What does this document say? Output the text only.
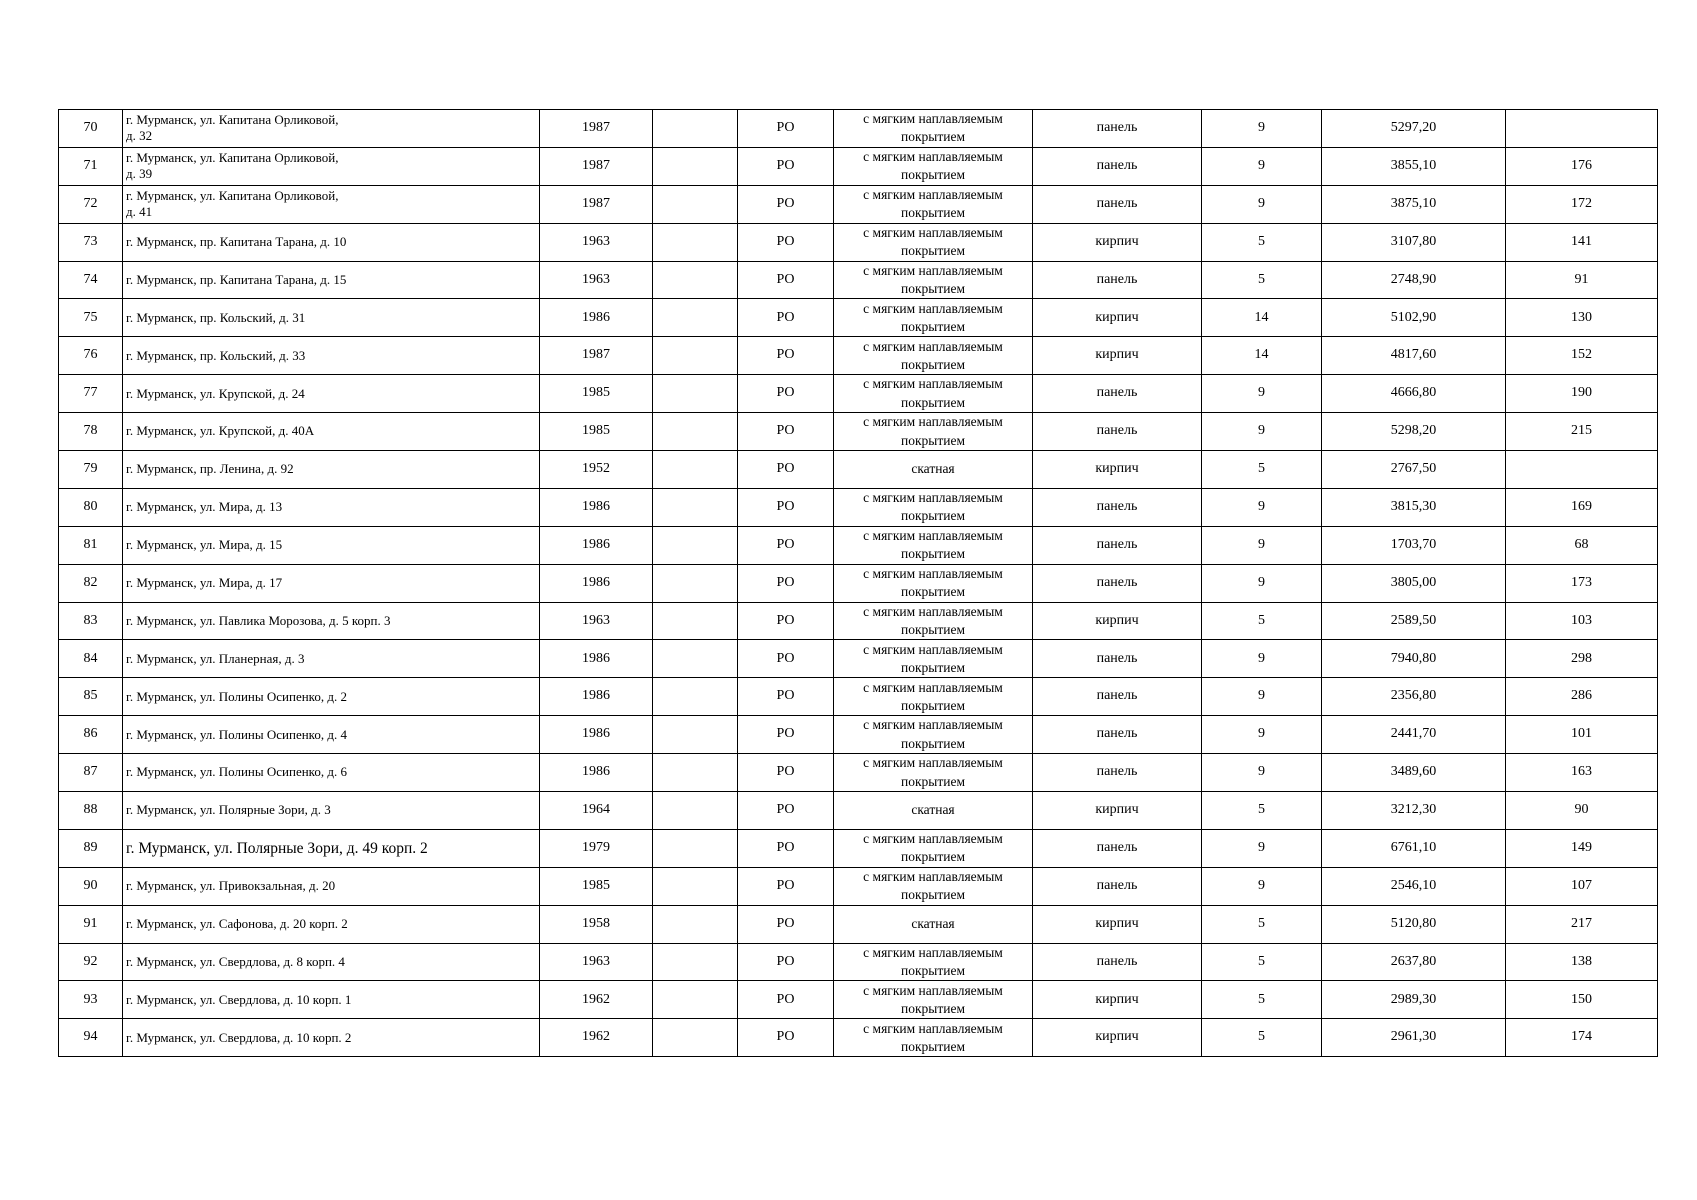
70	г. Мурманск, ул. Капитана Орликовой,
д. 32	1987		РО	с мягким наплавляемым
покрытием	панель	9	5297,20	
71	г. Мурманск, ул. Капитана Орликовой,
д. 39	1987		РО	с мягким наплавляемым
покрытием	панель	9	3855,10	176
72	г. Мурманск, ул. Капитана Орликовой,
д. 41	1987		РО	с мягким наплавляемым
покрытием	панель	9	3875,10	172
73	г. Мурманск, пр. Капитана Тарана, д. 10	1963		РО	с мягким наплавляемым
покрытием	кирпич	5	3107,80	141
74	г. Мурманск, пр. Капитана Тарана, д. 15	1963		РО	с мягким наплавляемым
покрытием	панель	5	2748,90	91
75	г. Мурманск, пр. Кольский, д. 31	1986		РО	с мягким наплавляемым
покрытием	кирпич	14	5102,90	130
76	г. Мурманск, пр. Кольский, д. 33	1987		РО	с мягким наплавляемым
покрытием	кирпич	14	4817,60	152
77	г. Мурманск, ул. Крупской, д. 24	1985		РО	с мягким наплавляемым
покрытием	панель	9	4666,80	190
78	г. Мурманск, ул. Крупской, д. 40А	1985		РО	с мягким наплавляемым
покрытием	панель	9	5298,20	215
79	г. Мурманск, пр. Ленина, д. 92	1952		РО	скатная	кирпич	5	2767,50	
80	г. Мурманск, ул. Мира, д. 13	1986		РО	с мягким наплавляемым
покрытием	панель	9	3815,30	169
81	г. Мурманск, ул. Мира, д. 15	1986		РО	с мягким наплавляемым
покрытием	панель	9	1703,70	68
82	г. Мурманск, ул. Мира, д. 17	1986		РО	с мягким наплавляемым
покрытием	панель	9	3805,00	173
83	г. Мурманск, ул. Павлика Морозова, д. 5 корп. 3	1963		РО	с мягким наплавляемым
покрытием	кирпич	5	2589,50	103
84	г. Мурманск, ул. Планерная, д. 3	1986		РО	с мягким наплавляемым
покрытием	панель	9	7940,80	298
85	г. Мурманск, ул. Полины Осипенко, д. 2	1986		РО	с мягким наплавляемым
покрытием	панель	9	2356,80	286
86	г. Мурманск, ул. Полины Осипенко, д. 4	1986		РО	с мягким наплавляемым
покрытием	панель	9	2441,70	101
87	г. Мурманск, ул. Полины Осипенко, д. 6	1986		РО	с мягким наплавляемым
покрытием	панель	9	3489,60	163
88	г. Мурманск, ул. Полярные Зори, д. 3	1964		РО	скатная	кирпич	5	3212,30	90
89	г. Мурманск, ул. Полярные Зори, д. 49 корп. 2	1979		РО	с мягким наплавляемым
покрытием	панель	9	6761,10	149
90	г. Мурманск, ул. Привокзальная, д. 20	1985		РО	с мягким наплавляемым
покрытием	панель	9	2546,10	107
91	г. Мурманск, ул. Сафонова, д. 20 корп. 2	1958		РО	скатная	кирпич	5	5120,80	217
92	г. Мурманск, ул. Свердлова, д. 8 корп. 4	1963		РО	с мягким наплавляемым
покрытием	панель	5	2637,80	138
93	г. Мурманск, ул. Свердлова, д. 10 корп. 1	1962		РО	с мягким наплавляемым
покрытием	кирпич	5	2989,30	150
94	г. Мурманск, ул. Свердлова, д. 10 корп. 2	1962		РО	с мягким наплавляемым
покрытием	кирпич	5	2961,30	174
